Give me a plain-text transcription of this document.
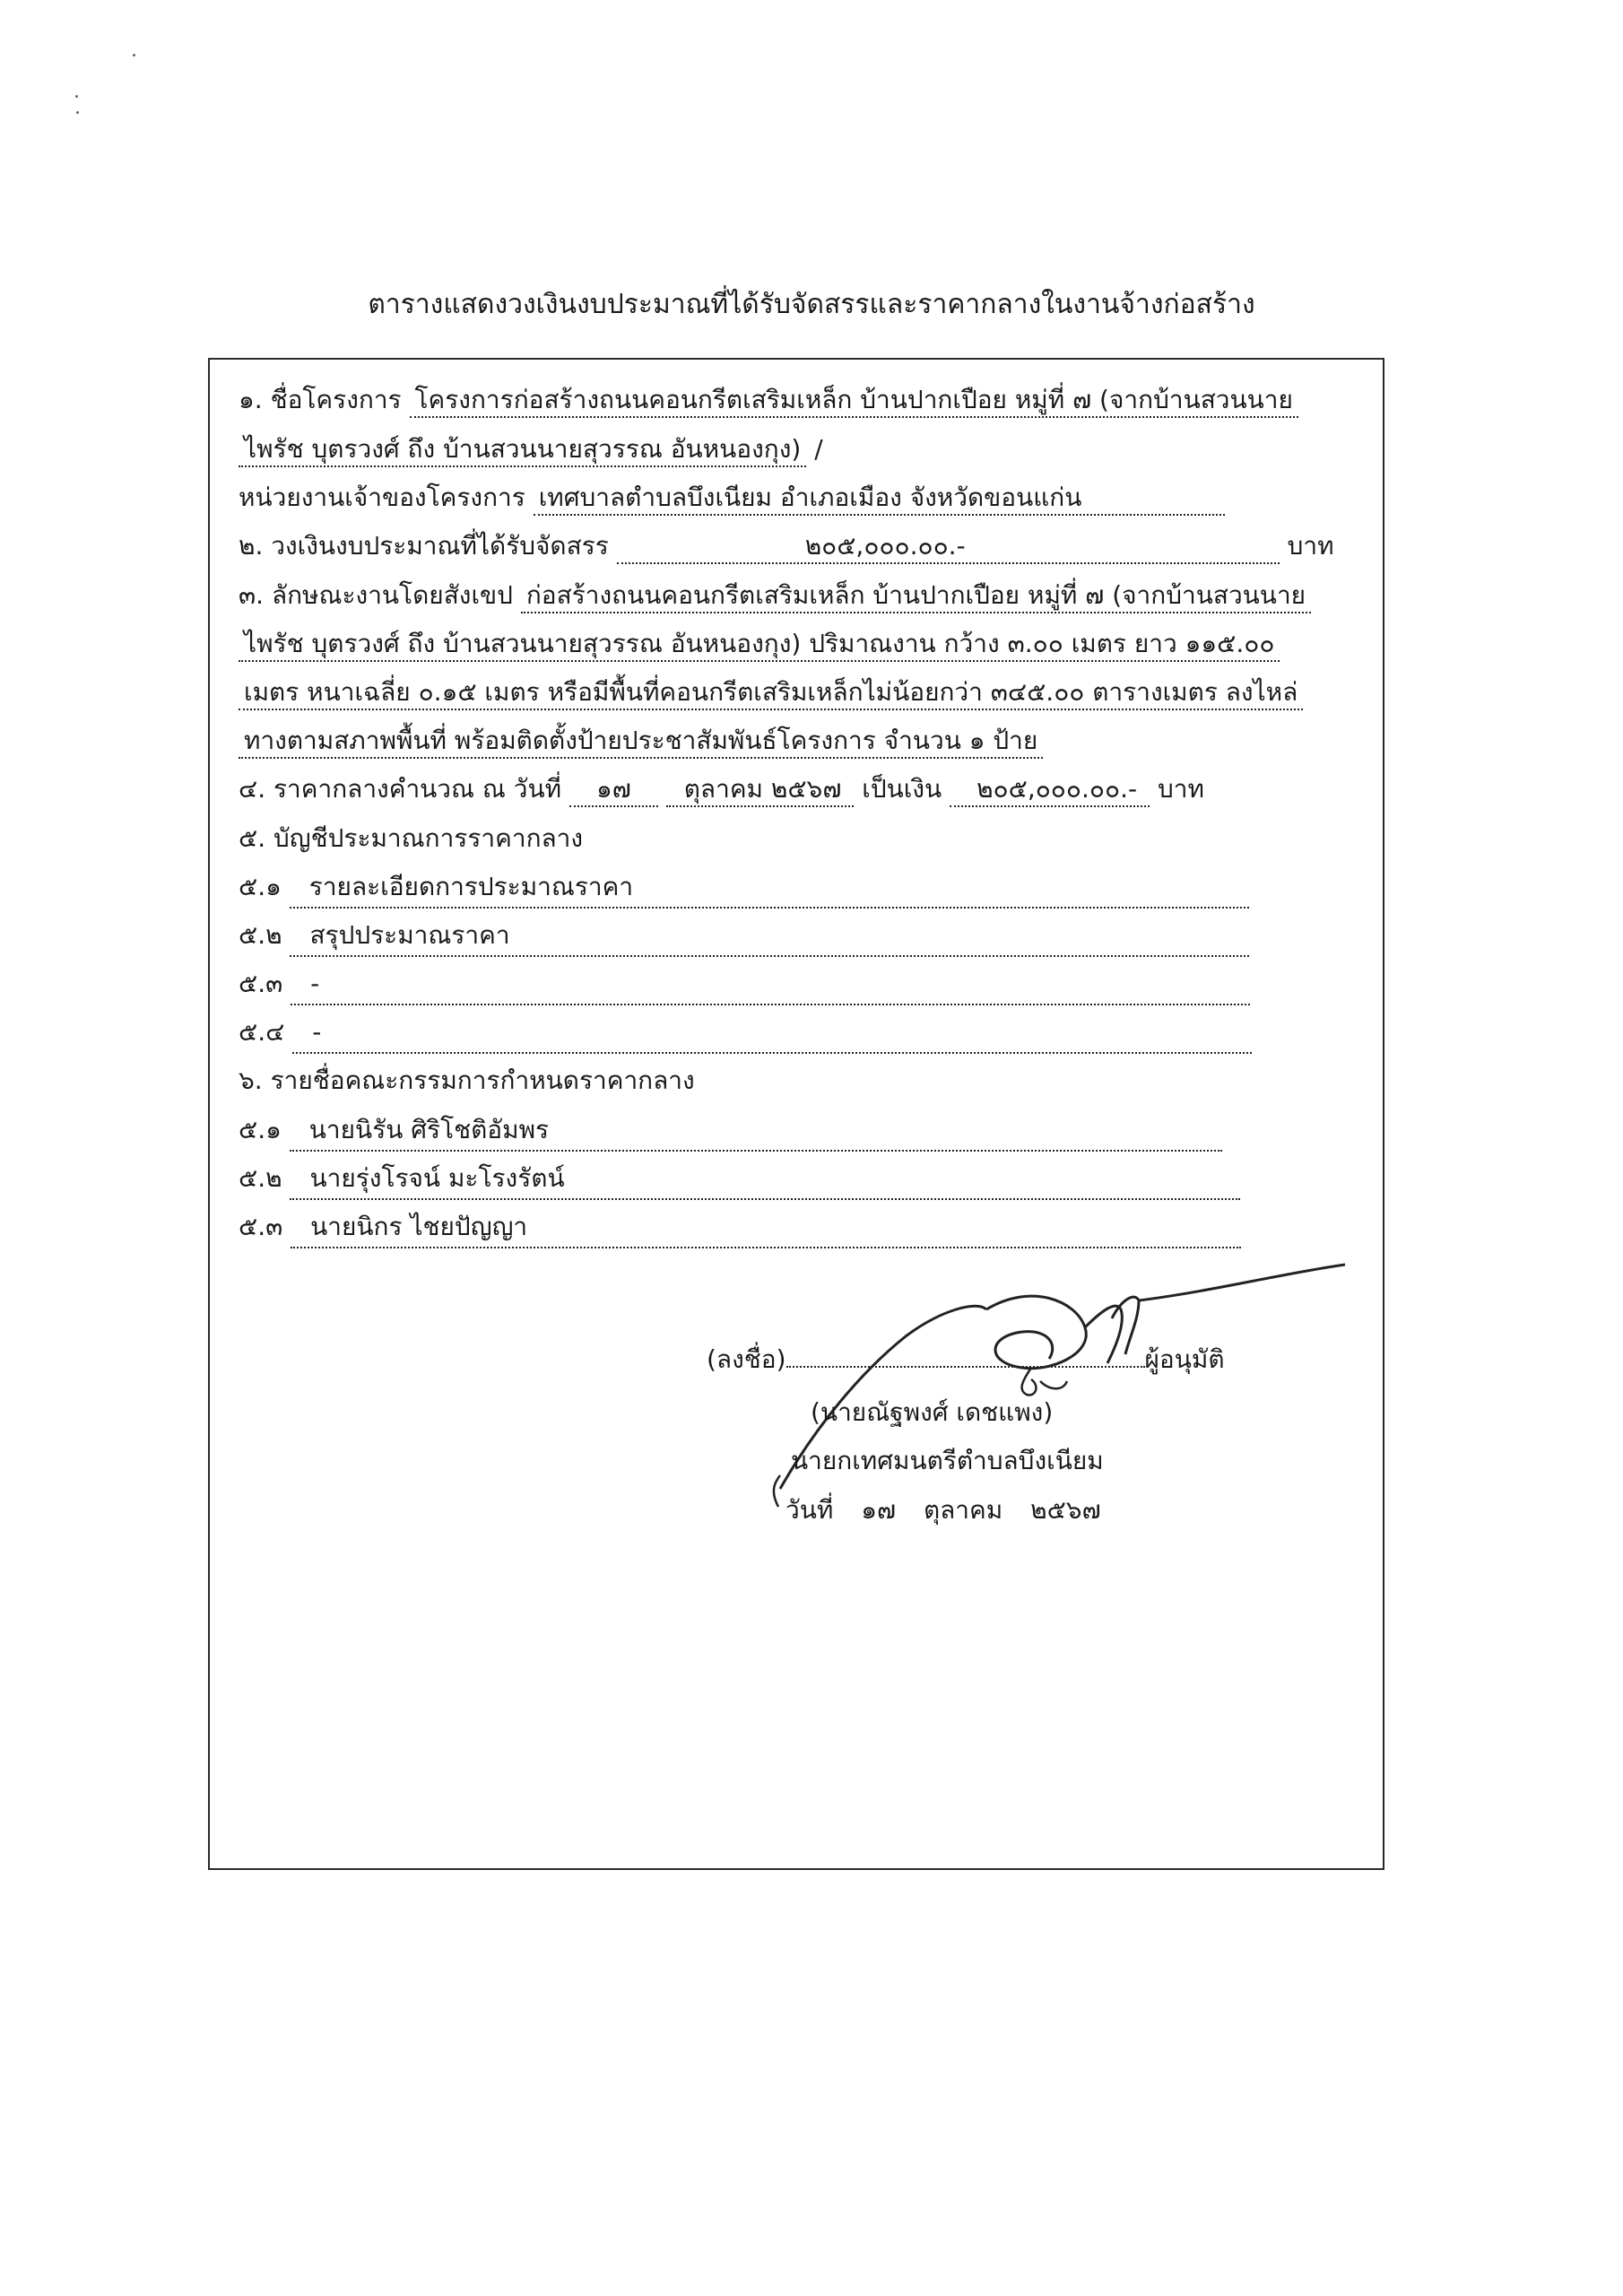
ตารางแสดงวงเงินงบประมาณที่ได้รับจัดสรรและราคากลางในงานจ้างก่อสร้าง
๑. ชื่อโครงการ โครงการก่อสร้างถนนคอนกรีตเสริมเหล็ก บ้านปากเปือย หมู่ที่ ๗ (จากบ้านสวนนาย
ไพรัช บุตรวงศ์ ถึง บ้านสวนนายสุวรรณ อันหนองกุง) /
หน่วยงานเจ้าของโครงการ เทศบาลตำบลบึงเนียม อำเภอเมือง จังหวัดขอนแก่น
๒. วงเงินงบประมาณที่ได้รับจัดสรร	๒๐๕,๐๐๐.๐๐.-	บาท
๓. ลักษณะงานโดยสังเขป ก่อสร้างถนนคอนกรีตเสริมเหล็ก บ้านปากเปือย หมู่ที่ ๗ (จากบ้านสวนนาย
ไพรัช บุตรวงศ์ ถึง บ้านสวนนายสุวรรณ อันหนองกุง) ปริมาณงาน กว้าง ๓.๐๐ เมตร ยาว ๑๑๕.๐๐
เมตร หนาเฉลี่ย ๐.๑๕ เมตร หรือมีพื้นที่คอนกรีตเสริมเหล็กไม่น้อยกว่า ๓๔๕.๐๐ ตารางเมตร ลงไหล่
ทางตามสภาพพื้นที่ พร้อมติดตั้งป้ายประชาสัมพันธ์โครงการ จำนวน ๑ ป้าย
๔. ราคากลางคำนวณ ณ วันที่ ๑๗ ตุลาคม ๒๕๖๗ เป็นเงิน ๒๐๕,๐๐๐.๐๐.- บาท
๕. บัญชีประมาณการราคากลาง
๕.๑ รายละเอียดการประมาณราคา
๕.๒ สรุปประมาณราคา
๕.๓ -
๕.๔ -
๖. รายชื่อคณะกรรมการกำหนดราคากลาง
๕.๑ นายนิรัน ศิริโชติอัมพร
๕.๒ นายรุ่งโรจน์ มะโรงรัตน์
๕.๓ นายนิกร ไชยปัญญา
(ลงชื่อ)	ผู้อนุมัติ
(นายณัฐพงศ์ เดชแพง)
นายกเทศมนตรีตำบลบึงเนียม
วันที่ ๑๗ ตุลาคม ๒๕๖๗
